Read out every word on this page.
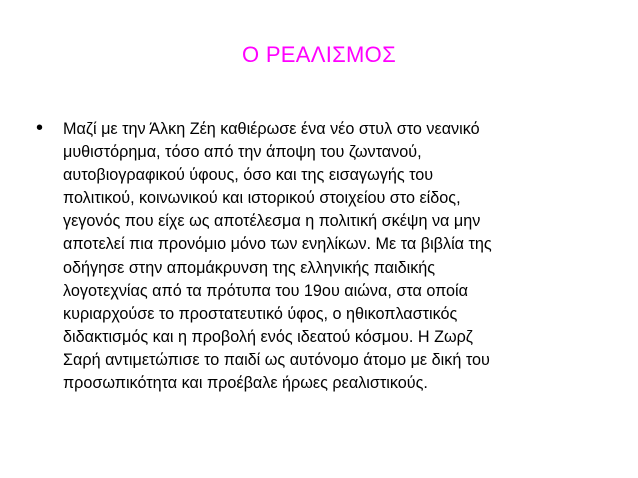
Ο ΡΕΑΛΙΣΜΟΣ
• Μαζί με την Άλκη Ζέη καθιέρωσε ένα νέο στυλ στο νεανικό
μυθιστόρημα, τόσο από την άποψη του ζωντανού,
αυτοβιογραφικού ύφους, όσο και της εισαγωγής του
πολιτικού, κοινωνικού και ιστορικού στοιχείου στο είδος,
γεγονός που είχε ως αποτέλεσμα η πολιτική σκέψη να μην
αποτελεί πια προνόμιο μόνο των ενηλίκων. Με τα βιβλία της
οδήγησε στην απομάκρυνση της ελληνικής παιδικής
λογοτεχνίας από τα πρότυπα του 19ου αιώνα, στα οποία
κυριαρχούσε το προστατευτικό ύφος, ο ηθικοπλαστικός
διδακτισμός και η προβολή ενός ιδεατού κόσμου. Η Ζωρζ
Σαρή αντιμετώπισε το παιδί ως αυτόνομο άτομο με δική του
προσωπικότητα και προέβαλε ήρωες ρεαλιστικούς.
